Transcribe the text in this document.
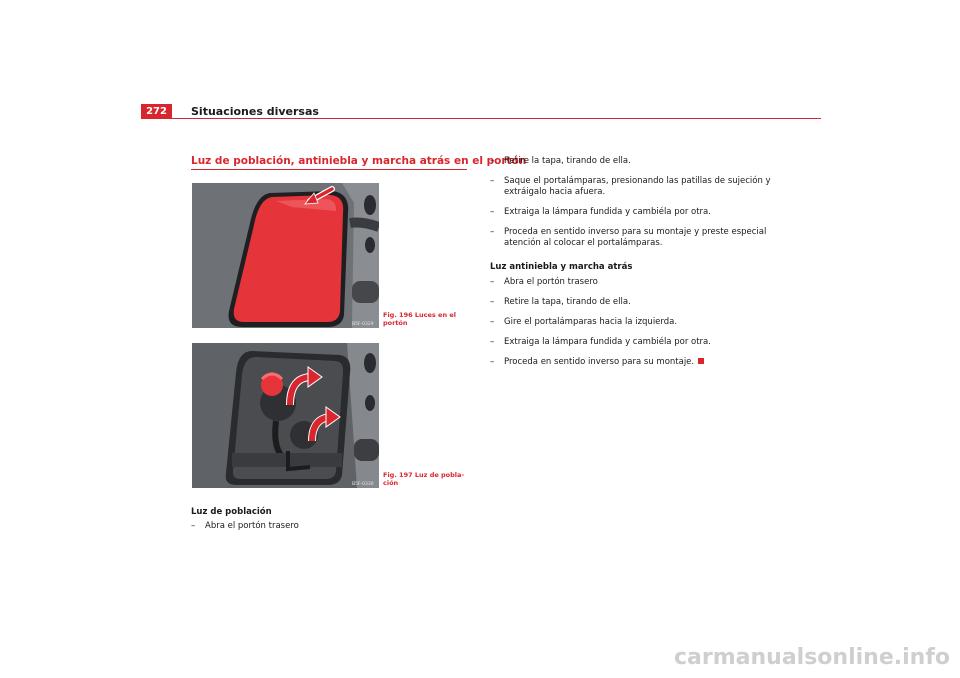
272	Situaciones diversas
Luz de población, antiniebla y marcha atrás en el portón
B5F-0329
Fig. 196 Luces en el portón
B5F-0330
Fig. 197 Luz de pobla-ción
Luz de población
– Abra el portón trasero
– Retire la tapa, tirando de ella.
– Saque el portalámparas, presionando las patillas de sujeción y extráigalo hacia afuera.
– Extraiga la lámpara fundida y cambiéla por otra.
– Proceda en sentido inverso para su montaje y preste especial atención al colocar el portalámparas.
Luz antiniebla y marcha atrás
– Abra el portón trasero
– Retire la tapa, tirando de ella.
– Gire el portalámparas hacia la izquierda.
– Extraiga la lámpara fundida y cambiéla por otra.
– Proceda en sentido inverso para su montaje.
carmanualsonline.info
